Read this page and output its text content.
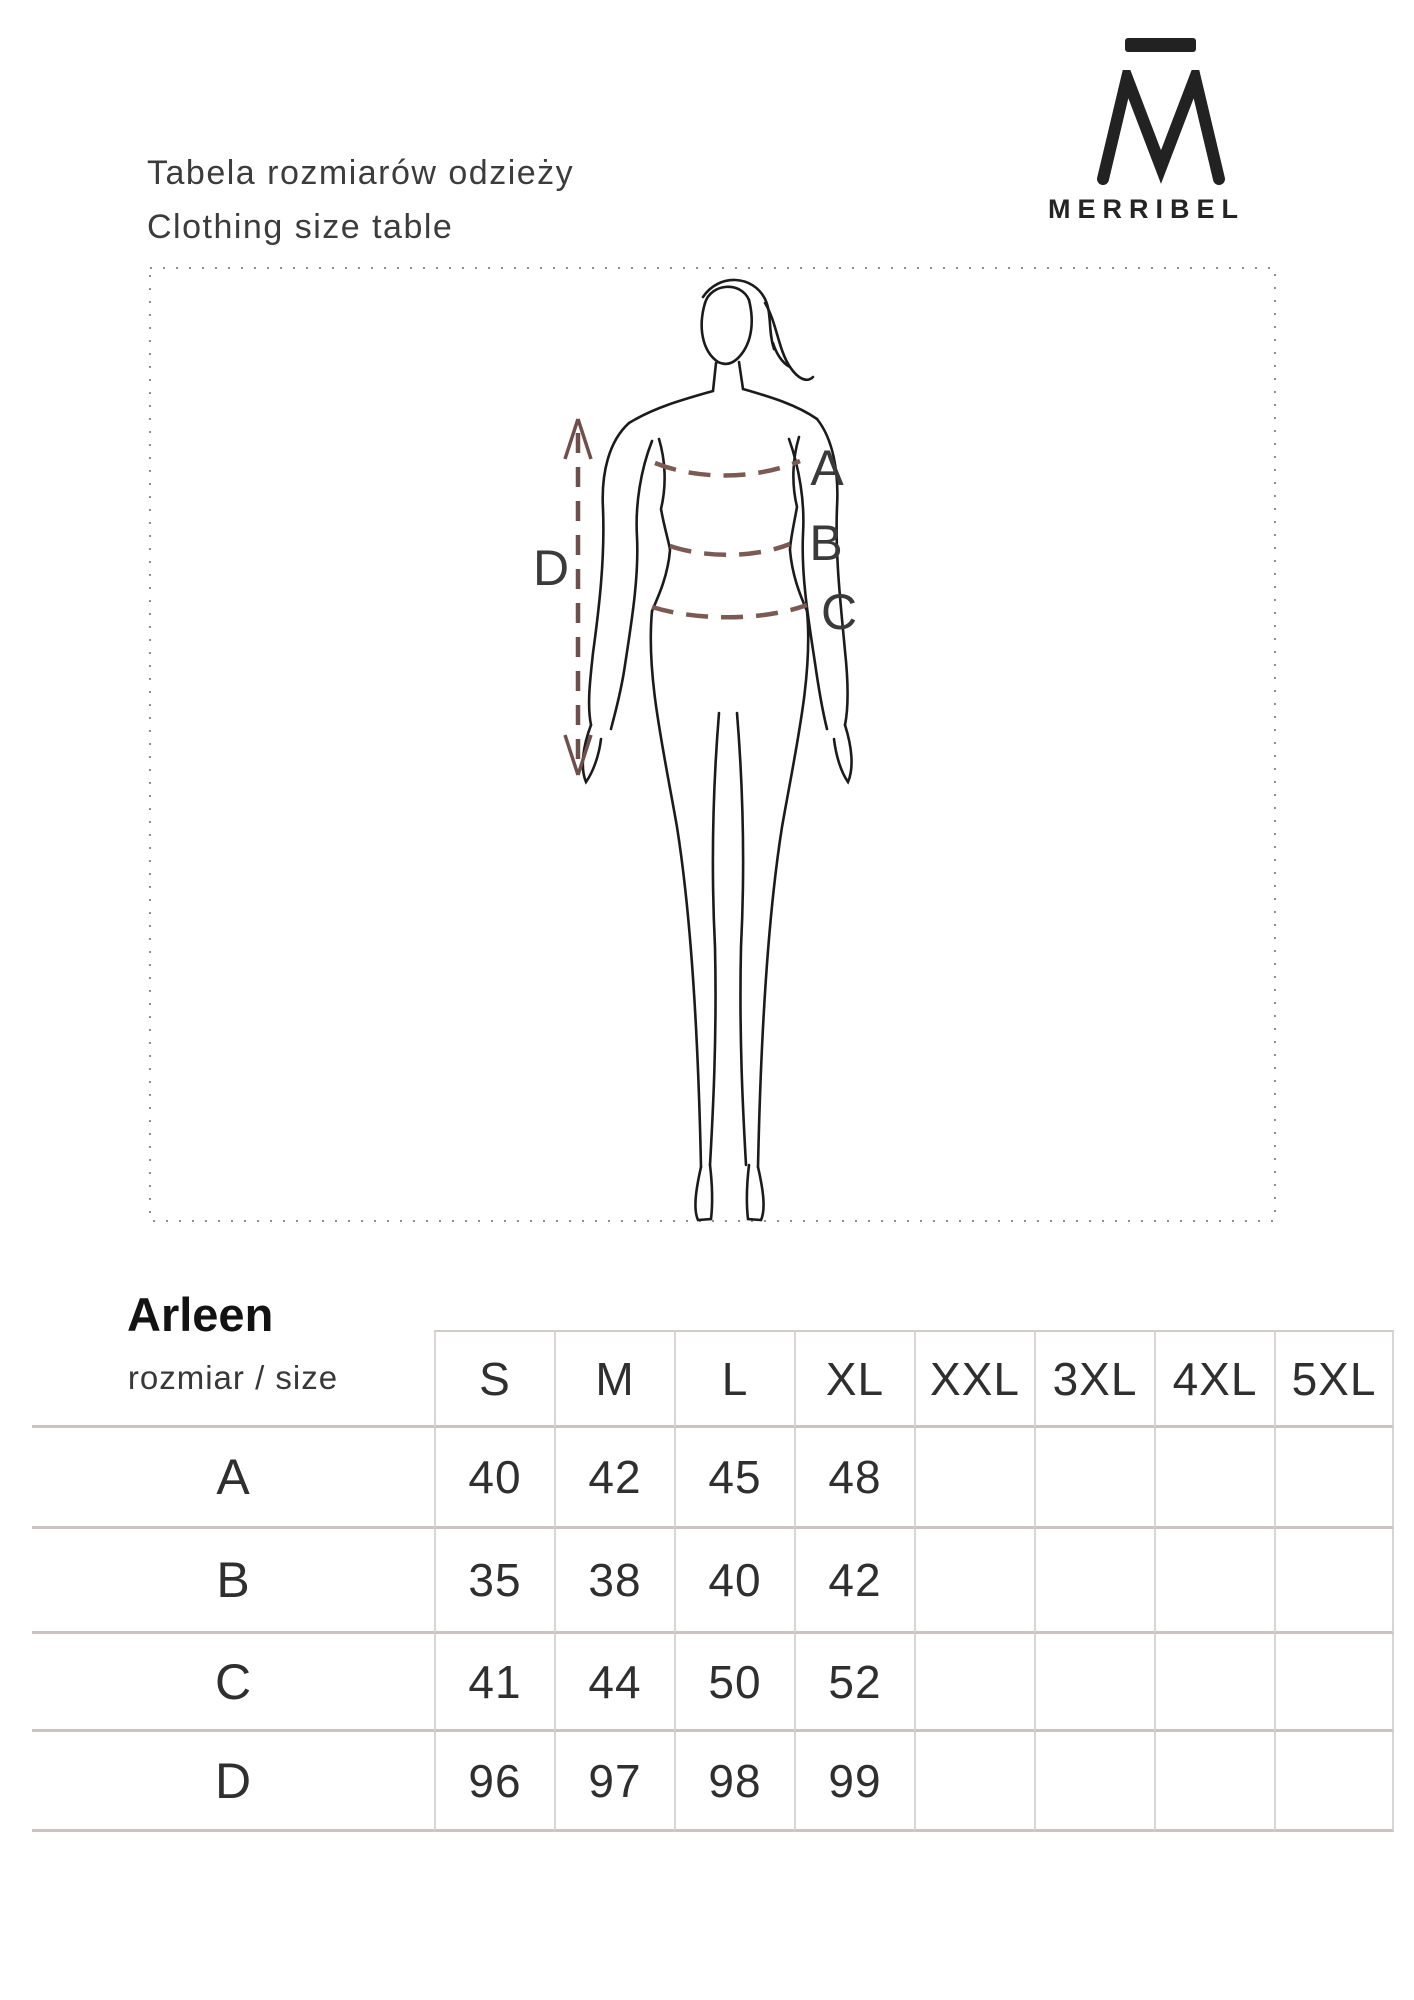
Tabela rozmiarów odzieży
Clothing size table	MERRIBEL
A
B
C
D
Arleen
rozmiar / size	S	M	L	XL XXL 3XL 4XL 5XL
A	40	42	45	48
B	35	38	40	42
C	41	44	50	52
D	96	97	98	99
